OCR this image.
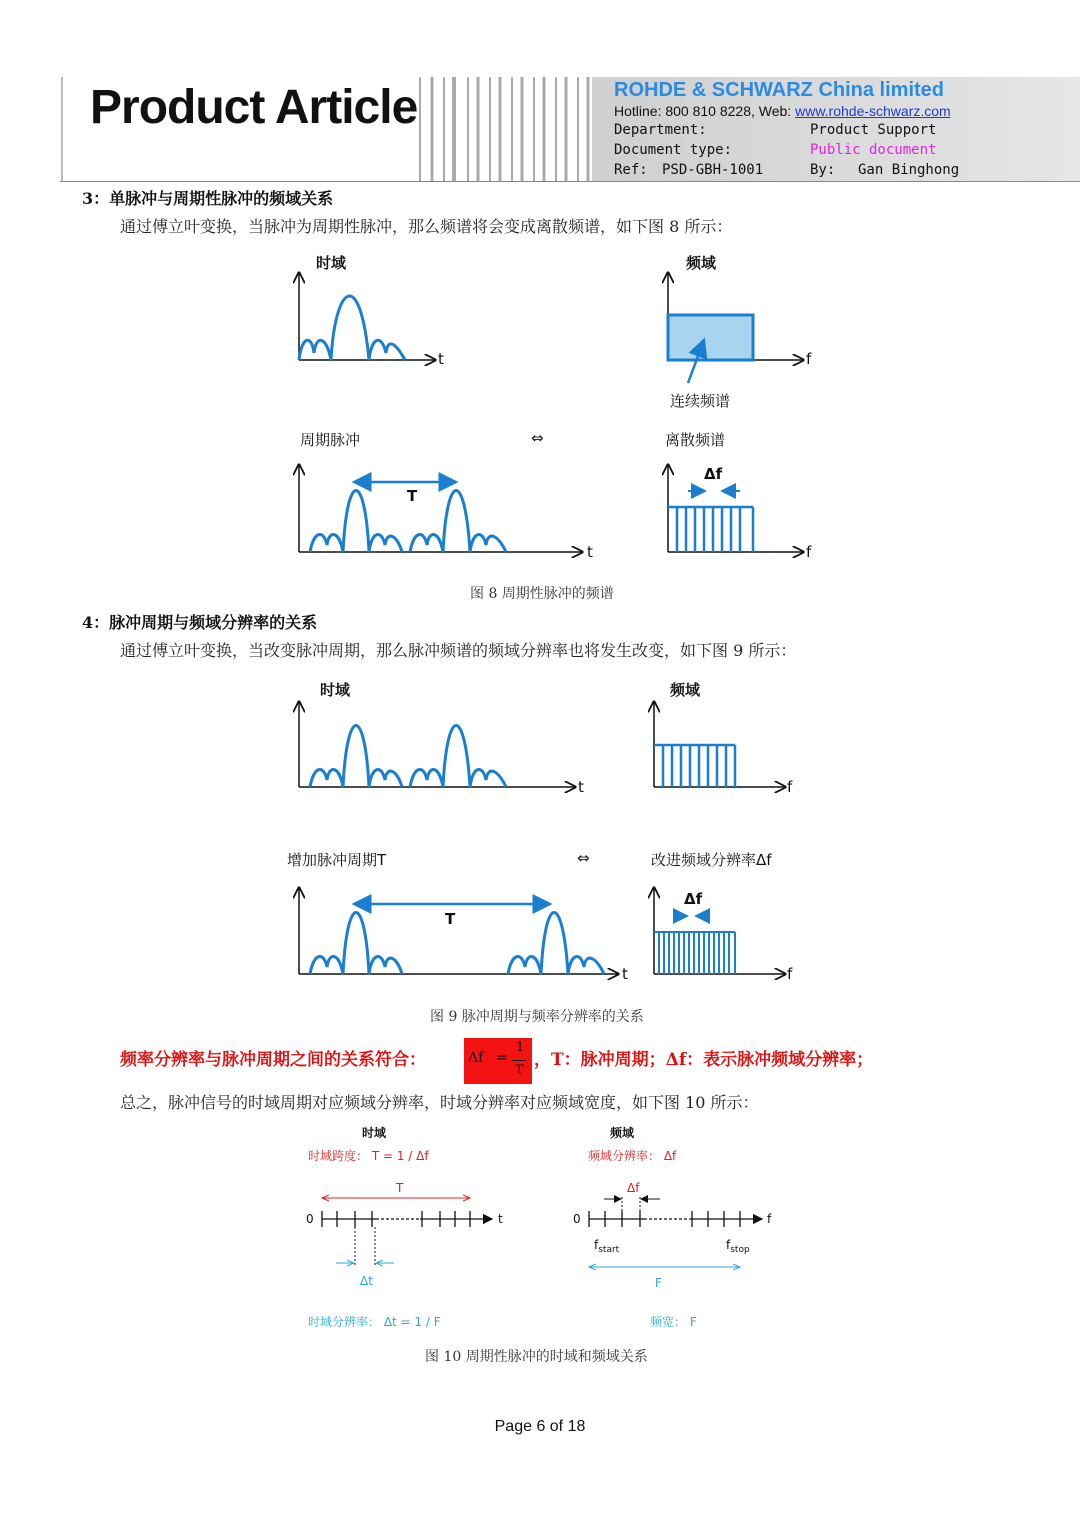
Product Article	ROHDE & SCHWARZ China limited
Hotline: 800 810 8228, Web: www.rohde-schwarz.com
Department:	Product Support
Document type:	Public document
Ref: PSD-GBH-1001	By: Gan Binghong
3：单脉冲与周期性脉冲的频域关系
通过傅立叶变换，当脉冲为周期性脉冲，那么频谱将会变成离散频谱，如下图 8 所示：
时域	频域
t	f
连续频谱
周期脉冲	⇔	离散频谱
T
Δf
t	f
图 8 周期性脉冲的频谱
4：脉冲周期与频域分辨率的关系
通过傅立叶变换，当改变脉冲周期，那么脉冲频谱的频域分辨率也将发生改变，如下图 9 所示：
时域	频域
t	f
增加脉冲周期T	⇔	改进频域分辨率Δf
T
Δf
t	f
图 9 脉冲周期与频率分辨率的关系
频率分辨率与脉冲周期之间的关系符合：	Δf =
1
T
，T：脉冲周期；Δf：表示脉冲频域分辨率；
总之，脉冲信号的时域周期对应频域分辨率，时域分辨率对应频域宽度，如下图 10 所示：
时域	频域
时域跨度： T = 1 / Δf	频域分辨率： Δf
T	Δf
0	t	0	f
$f_{start}$	$f_{stop}$
Δt	F
时域分辨率： Δt = 1 / F	频宽： F
图 10 周期性脉冲的时域和频域关系
Page 6 of 18
